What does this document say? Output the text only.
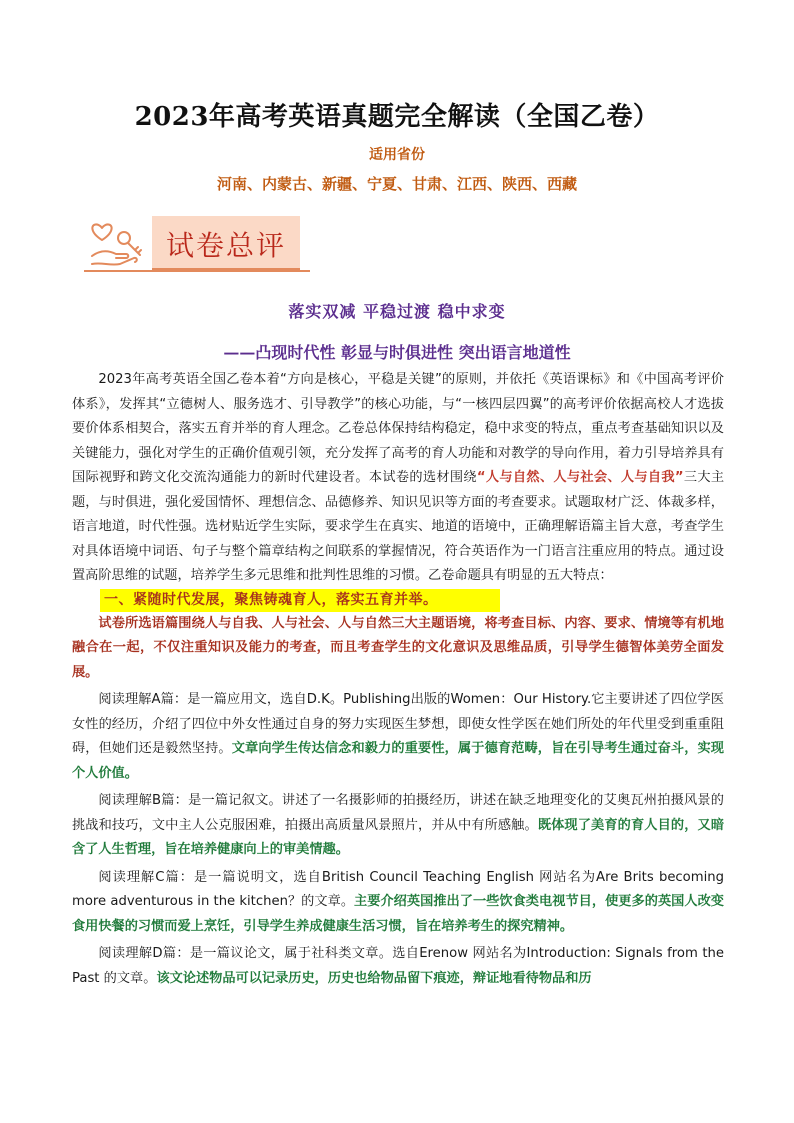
2023年高考英语真题完全解读（全国乙卷）
适用省份
河南、内蒙古、新疆、宁夏、甘肃、江西、陕西、西藏
试卷总评
落实双减 平稳过渡 稳中求变
——凸现时代性 彰显与时俱进性 突出语言地道性

2023年高考英语全国乙卷本着“方向是核心，平稳是关键”的原则，并依托《英语课标》和《中国高考评价体系》，发挥其“立德树人、服务选才、引导教学”的核心功能，与“一核四层四翼”的高考评价依据高校人才选拔要价体系相契合，落实五育并举的育人理念。乙卷总体保持结构稳定，稳中求变的特点，重点考查基础知识以及关键能力，强化对学生的正确价值观引领，充分发挥了高考的育人功能和对教学的导向作用，着力引导培养具有国际视野和跨文化交流沟通能力的新时代建设者。本试卷的选材围绕“人与自然、人与社会、人与自我”三大主题，与时俱进，强化爱国情怀、理想信念、品德修养、知识见识等方面的考查要求。试题取材广泛、体裁多样，语言地道，时代性强。选材贴近学生实际，要求学生在真实、地道的语境中，正确理解语篇主旨大意，考查学生对具体语境中词语、句子与整个篇章结构之间联系的掌握情况，符合英语作为一门语言注重应用的特点。通过设置高阶思维的试题，培养学生多元思维和批判性思维的习惯。乙卷命题具有明显的五大特点：

一、紧随时代发展，聚焦铸魂育人，落实五育并举。

试卷所选语篇围绕人与自我、人与社会、人与自然三大主题语境，将考查目标、内容、要求、情境等有机地融合在一起，不仅注重知识及能力的考查，而且考查学生的文化意识及思维品质，引导学生德智体美劳全面发展。

阅读理解A篇：是一篇应用文，选自D.K。Publishing出版的Women：Our History.它主要讲述了四位学医女性的经历，介绍了四位中外女性通过自身的努力实现医生梦想，即使女性学医在她们所处的年代里受到重重阻碍，但她们还是毅然坚持。文章向学生传达信念和毅力的重要性，属于德育范畴，旨在引导考生通过奋斗，实现个人价值。

阅读理解B篇：是一篇记叙文。讲述了一名摄影师的拍摄经历，讲述在缺乏地理变化的艾奥瓦州拍摄风景的挑战和技巧，文中主人公克服困难，拍摄出高质量风景照片，并从中有所感触。既体现了美育的育人目的，又暗含了人生哲理，旨在培养健康向上的审美情趣。

阅读理解C篇：是一篇说明文，选自British Council Teaching English 网站名为Are Brits becoming more adventurous in the kitchen？的文章。主要介绍英国推出了一些饮食类电视节目，使更多的英国人改变食用快餐的习惯而爱上烹饪，引导学生养成健康生活习惯，旨在培养考生的探究精神。

阅读理解D篇：是一篇议论文，属于社科类文章。选自Erenow 网站名为Introduction: Signals from the Past 的文章。该文论述物品可以记录历史，历史也给物品留下痕迹，辩证地看待物品和历
